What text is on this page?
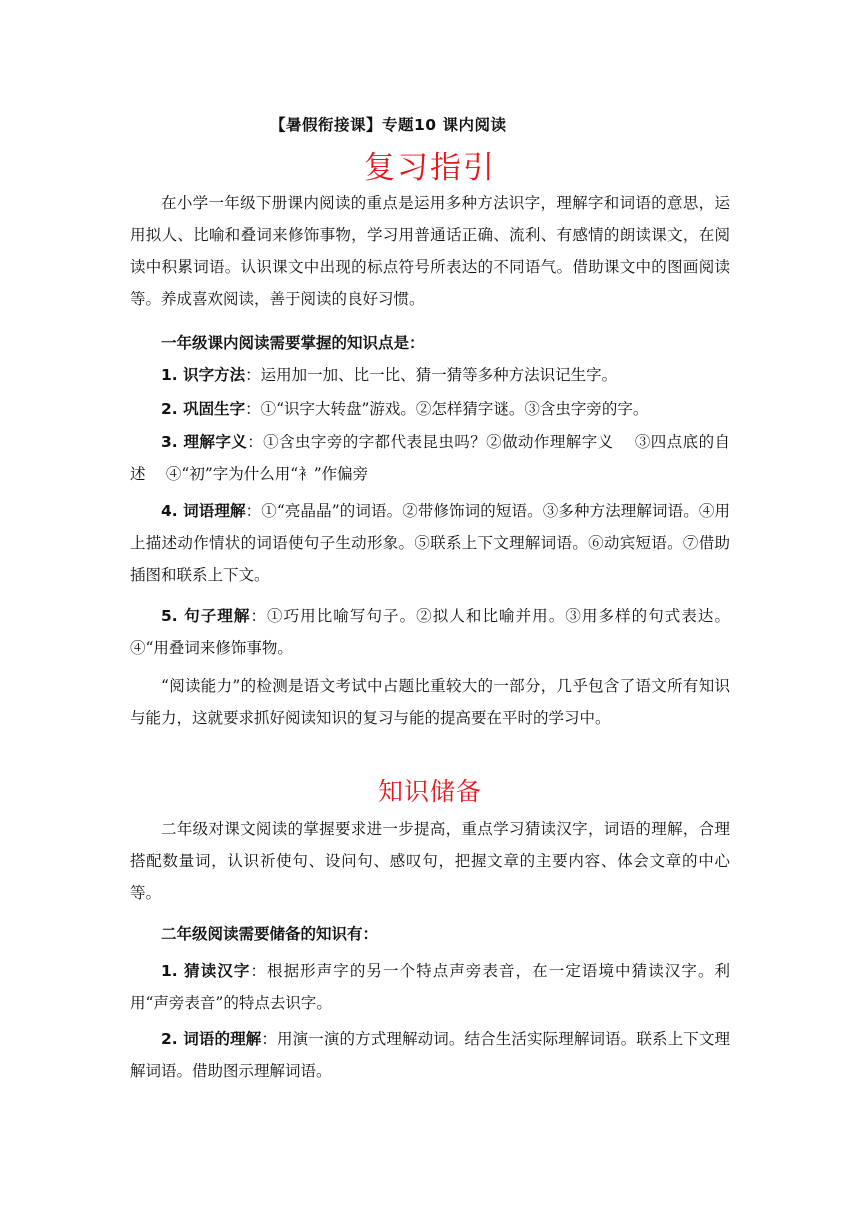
【暑假衔接课】专题10 课内阅读
复习指引

在小学一年级下册课内阅读的重点是运用多种方法识字，理解字和词语的意思，运用拟人、比喻和叠词来修饰事物，学习用普通话正确、流利、有感情的朗读课文，在阅读中积累词语。认识课文中出现的标点符号所表达的不同语气。借助课文中的图画阅读等。养成喜欢阅读，善于阅读的良好习惯。

一年级课内阅读需要掌握的知识点是：

1. 识字方法：运用加一加、比一比、猜一猜等多种方法识记生字。

2. 巩固生字：①“识字大转盘”游戏。②怎样猜字谜。③含虫字旁的字。

3. 理解字义：①含虫字旁的字都代表昆虫吗？②做动作理解字义　 ③四点底的自述　 ④“初”字为什么用“衤”作偏旁

4. 词语理解：①“亮晶晶”的词语。②带修饰词的短语。③多种方法理解词语。④用上描述动作情状的词语使句子生动形象。⑤联系上下文理解词语。⑥动宾短语。⑦借助插图和联系上下文。

5. 句子理解：①巧用比喻写句子。②拟人和比喻并用。③用多样的句式表达。④“用叠词来修饰事物。

“阅读能力”的检测是语文考试中占题比重较大的一部分，几乎包含了语文所有知识与能力，这就要求抓好阅读知识的复习与能的提高要在平时的学习中。

知识储备

二年级对课文阅读的掌握要求进一步提高，重点学习猜读汉字，词语的理解，合理搭配数量词，认识祈使句、设问句、感叹句，把握文章的主要内容、体会文章的中心等。

二年级阅读需要储备的知识有：

1. 猜读汉字：根据形声字的另一个特点声旁表音，在一定语境中猜读汉字。利用“声旁表音”的特点去识字。

2. 词语的理解：用演一演的方式理解动词。结合生活实际理解词语。联系上下文理解词语。借助图示理解词语。
